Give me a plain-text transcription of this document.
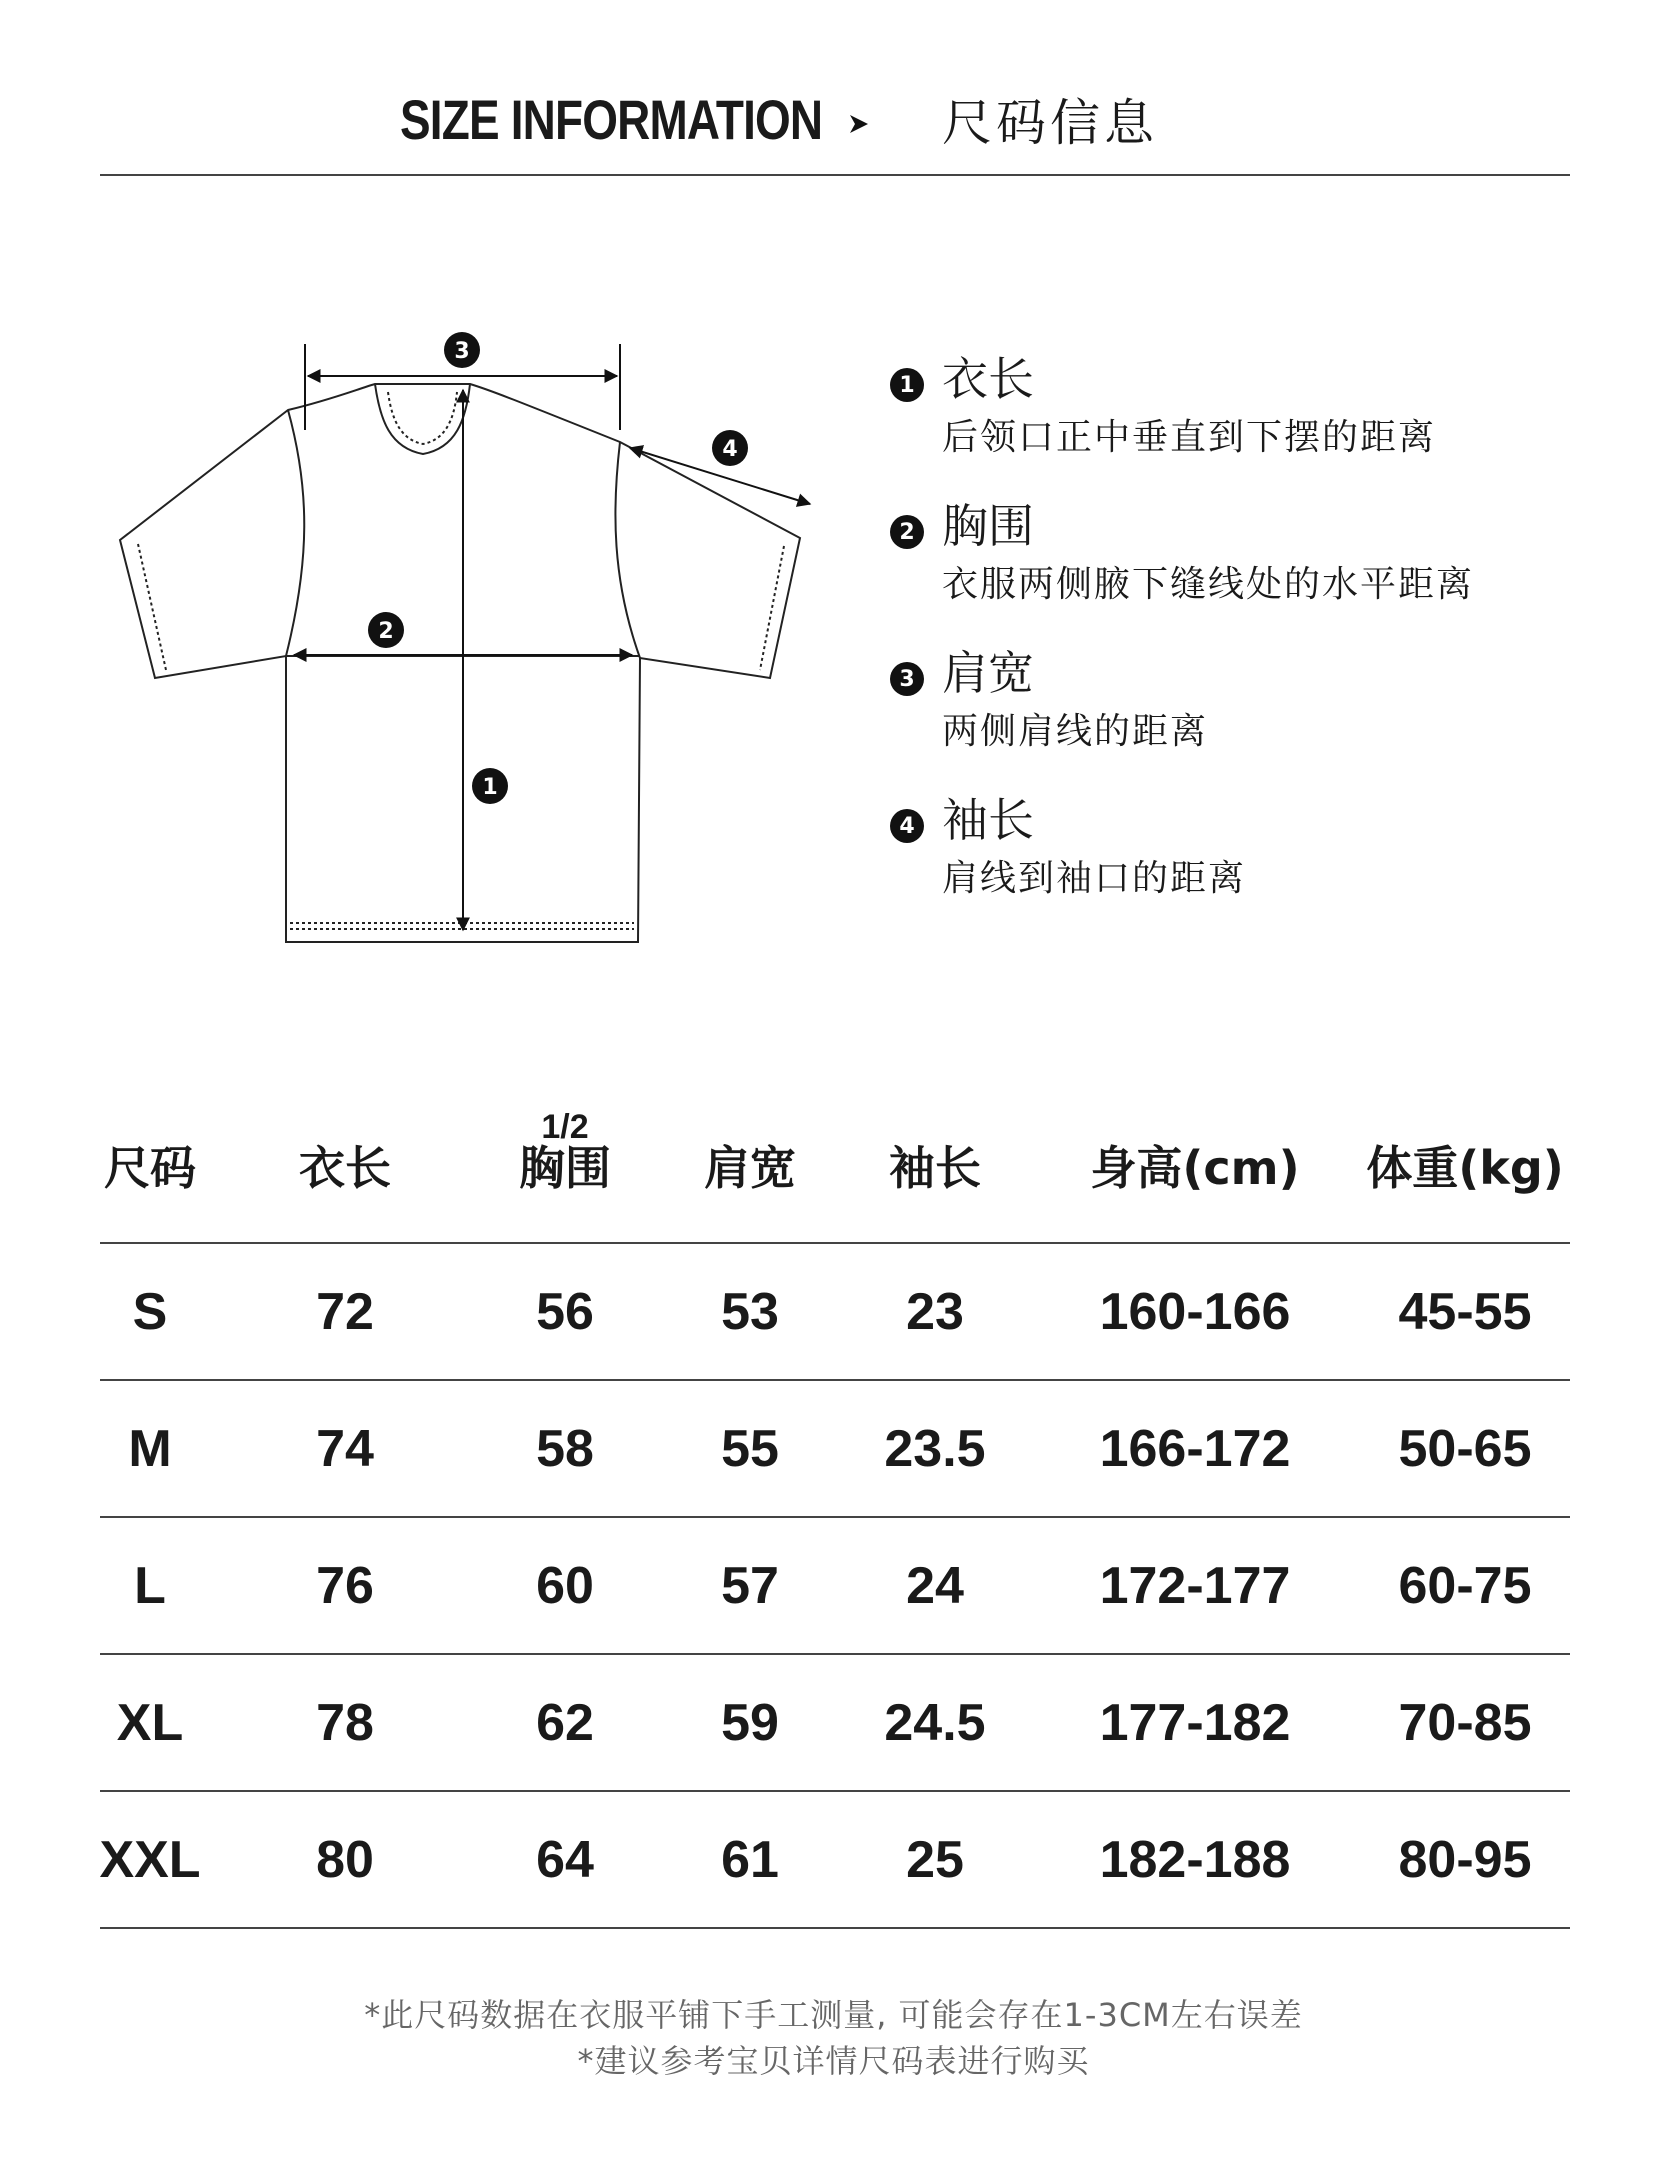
SIZE INFORMATION 尺码信息
3
4
2
1
1 衣长
后领口正中垂直到下摆的距离
2 胸围
衣服两侧腋下缝线处的水平距离
3 肩宽
两侧肩线的距离
4 袖长
肩线到袖口的距离
1/2
尺码	衣长	胸围	肩宽	袖长	身高(cm)	体重(kg)
S	72	56	53	23	160-166	45-55
M	74	58	55	23.5	166-172	50-65
L	76	60	57	24	172-177	60-75
XL	78	62	59	24.5	177-182	70-85
XXL	80	64	61	25	182-188	80-95
*此尺码数据在衣服平铺下手工测量, 可能会存在1-3CM左右误差
*建议参考宝贝详情尺码表进行购买
